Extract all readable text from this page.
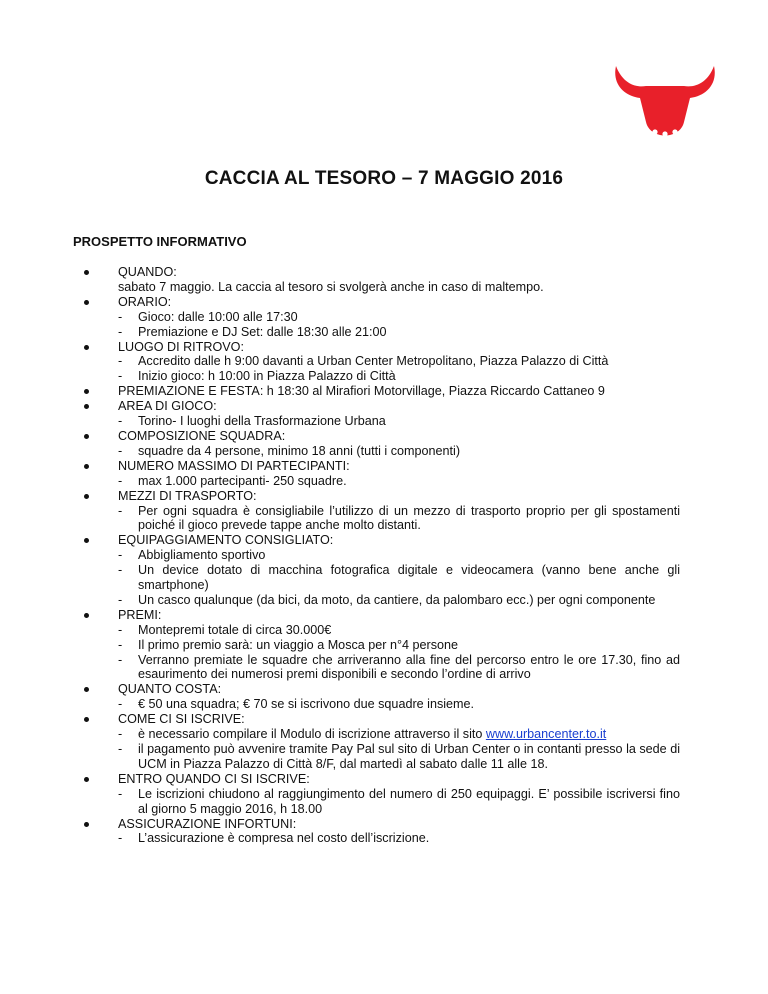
CACCIA AL TESORO – 7 MAGGIO 2016
PROSPETTO INFORMATIVO
QUANDO:
sabato 7 maggio. La caccia al tesoro si svolgerà anche in caso di maltempo.
ORARIO:
- Gioco: dalle 10:00 alle 17:30
- Premiazione e DJ Set: dalle 18:30 alle 21:00
LUOGO DI RITROVO:
- Accredito dalle h 9:00 davanti a Urban Center Metropolitano, Piazza Palazzo di Città
- Inizio gioco: h 10:00 in Piazza Palazzo di Città
PREMIAZIONE E FESTA: h 18:30 al Mirafiori Motorvillage, Piazza Riccardo Cattaneo 9
AREA DI GIOCO:
- Torino- I luoghi della Trasformazione Urbana
COMPOSIZIONE SQUADRA:
- squadre da 4 persone, minimo 18 anni (tutti i componenti)
NUMERO MASSIMO DI PARTECIPANTI:
- max 1.000 partecipanti- 250 squadre.
MEZZI DI TRASPORTO:
- Per ogni squadra è consigliabile l’utilizzo di un mezzo di trasporto proprio per gli spostamenti poiché il gioco prevede tappe anche molto distanti.
EQUIPAGGIAMENTO CONSIGLIATO:
- Abbigliamento sportivo
- Un device dotato di macchina fotografica digitale e videocamera (vanno bene anche gli smartphone)
- Un casco qualunque (da bici, da moto, da cantiere, da palombaro ecc.) per ogni componente
PREMI:
- Montepremi totale di circa 30.000€
- Il primo premio sarà: un viaggio a Mosca per n°4 persone
- Verranno premiate le squadre che arriveranno alla fine del percorso entro le ore 17.30, fino ad esaurimento dei numerosi premi disponibili e secondo l’ordine di arrivo
QUANTO COSTA:
- € 50 una squadra; € 70 se si iscrivono due squadre insieme.
COME CI SI ISCRIVE:
- è necessario compilare il Modulo di iscrizione attraverso il sito www.urbancenter.to.it
- il pagamento può avvenire tramite Pay Pal sul sito di Urban Center o in contanti presso la sede di UCM in Piazza Palazzo di Città 8/F, dal martedì al sabato dalle 11 alle 18.
ENTRO QUANDO CI SI ISCRIVE:
- Le iscrizioni chiudono al raggiungimento del numero di 250 equipaggi. E’ possibile iscriversi fino al giorno 5 maggio 2016, h 18.00
ASSICURAZIONE INFORTUNI:
- L’assicurazione è compresa nel costo dell’iscrizione.
